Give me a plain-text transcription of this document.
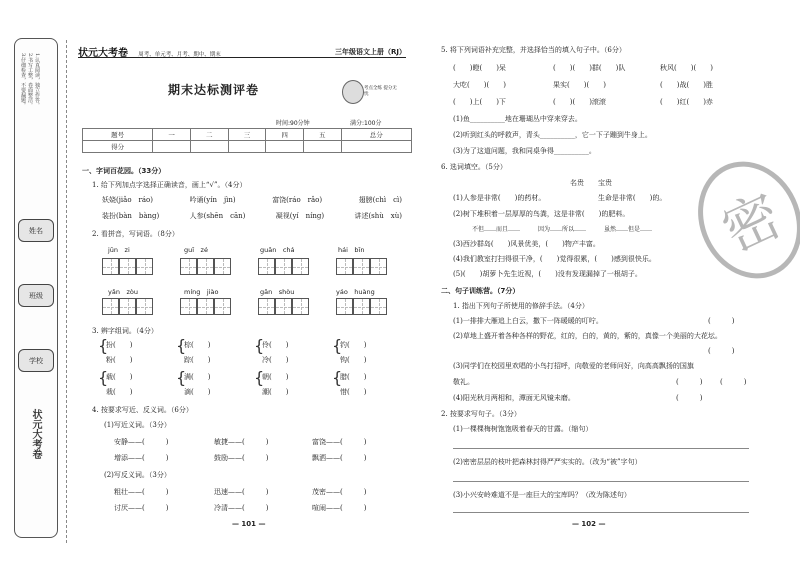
1.认真阅读，独立作答。 2.书写工整，卷面整洁。 3.仔细检查，不要漏题。
姓名
班级
学校
状元大考卷
状元大考卷 周考、单元考、月考、期中、期末	三年级语文上册（RJ）
期末达标测评卷	考点全练 提分无忧
时间:90分钟	满分:100分
题号	一	二	三	四	五	总分
得分						
一、字词百花园。（33分）
1. 给下列加点字选择正确读音，画上“√”。（4分）
妖娆(jiǎo　ráo)	吟诵(yín　jìn)	富饶(ráo　rǎo)	翅膀(chì　cì)
装扮(bàn　bàng)	人参(shēn　cān)	凝视(yí　níng)	讲述(shù　xù)
2. 看拼音，写词语。（8分）
jūn　zi	guī　zé	guān　chá	hái　bīn
yǎn　zòu	míng　jiào	gān　shòu	yáo　huàng
3. 辨字组词。（4分）
{
扮(　　)
粉(　　)
{
棕(　　)
踪(　　)
{
伶(　　)
冷(　　)
{
钓(　　)
钩(　　)
{
载(　　)
栽(　　)
{
满(　　)
滴(　　)
{
朝(　　)
潮(　　)
{
腊(　　)
惜(　　)
4. 按要求写近、反义词。（6分）
(1)写近义词。（3分）
安静——(　　　)	敏捷——(　　　)	富饶——(　　　)
增添——(　　　)	鼓励——(　　　)	飘洒——(　　　)
(2)写反义词。（3分）
粗壮——(　　　)	迅速——(　　　)	茂密——(　　　)
讨厌——(　　　)	冷清——(　　　)	喧闹——(　　　)
— 101 —
5. 将下列词语补充完整，并选择恰当的填入句子中。（6分）
(　　)瞪(　　)呆	(　　)(　　)群(　　)队	秋风(　　)(　　)
大吃(　　)(　　)	果实(　　)(　　)	(　　)战(　　)胜
(　　)上(　　)下	(　　)(　　)滚滚	(　　)红(　　)赤
(1)鱼__________地在珊瑚丛中穿来穿去。
(2)听到红头的呼救声，青头__________，它一下子蹦到牛身上。
(3)为了这道问题，我和同桌争得__________。
6. 选词填空。（5分）
名贵　　宝贵
(1)人参是非常(　　)的药材。　　　　　　　　生命是非常(　　)的。
(2)树下堆积着一层厚厚的鸟粪，这是非常(　　)的肥料。
不但……而且……　　　因为……所以……　　　虽然……但是……
(3)西沙群岛(　　)风景优美，(　　)物产丰富。
(4)我们教室打扫得很干净，(　　)觉得很累，(　　)感到很快乐。
(5)(　　)胡萝卜先生近视，(　　)没有发现漏掉了一根胡子。
二、句子训练营。（7分）
1. 指出下列句子所使用的修辞手法。（4分）
(1)一排排大雁追上白云，撒下一阵暖暖的叮咛。	(　　　)
(2)草地上盛开着各种各样的野花，红的，白的，黄的，紫的，真像一个美丽的大花坛。
(　　　)
(3)同学们在校园里欢唱的小鸟打招呼，向敬爱的老师问好，向高高飘扬的国旗
敬礼。	(　　　)	(　　　)
(4)阳光秋月两相和，潭面无风镜未磨。	(　　　)
2. 按要求写句子。（3分）
(1)一棵棵梅树饱饱吸着春天的甘露。（缩句）
(2)密密层层的枝叶把森林封得严严实实的。（改为“被”字句）
(3)小兴安岭难道不是一座巨大的宝库吗？（改为陈述句）
— 102 —
密
